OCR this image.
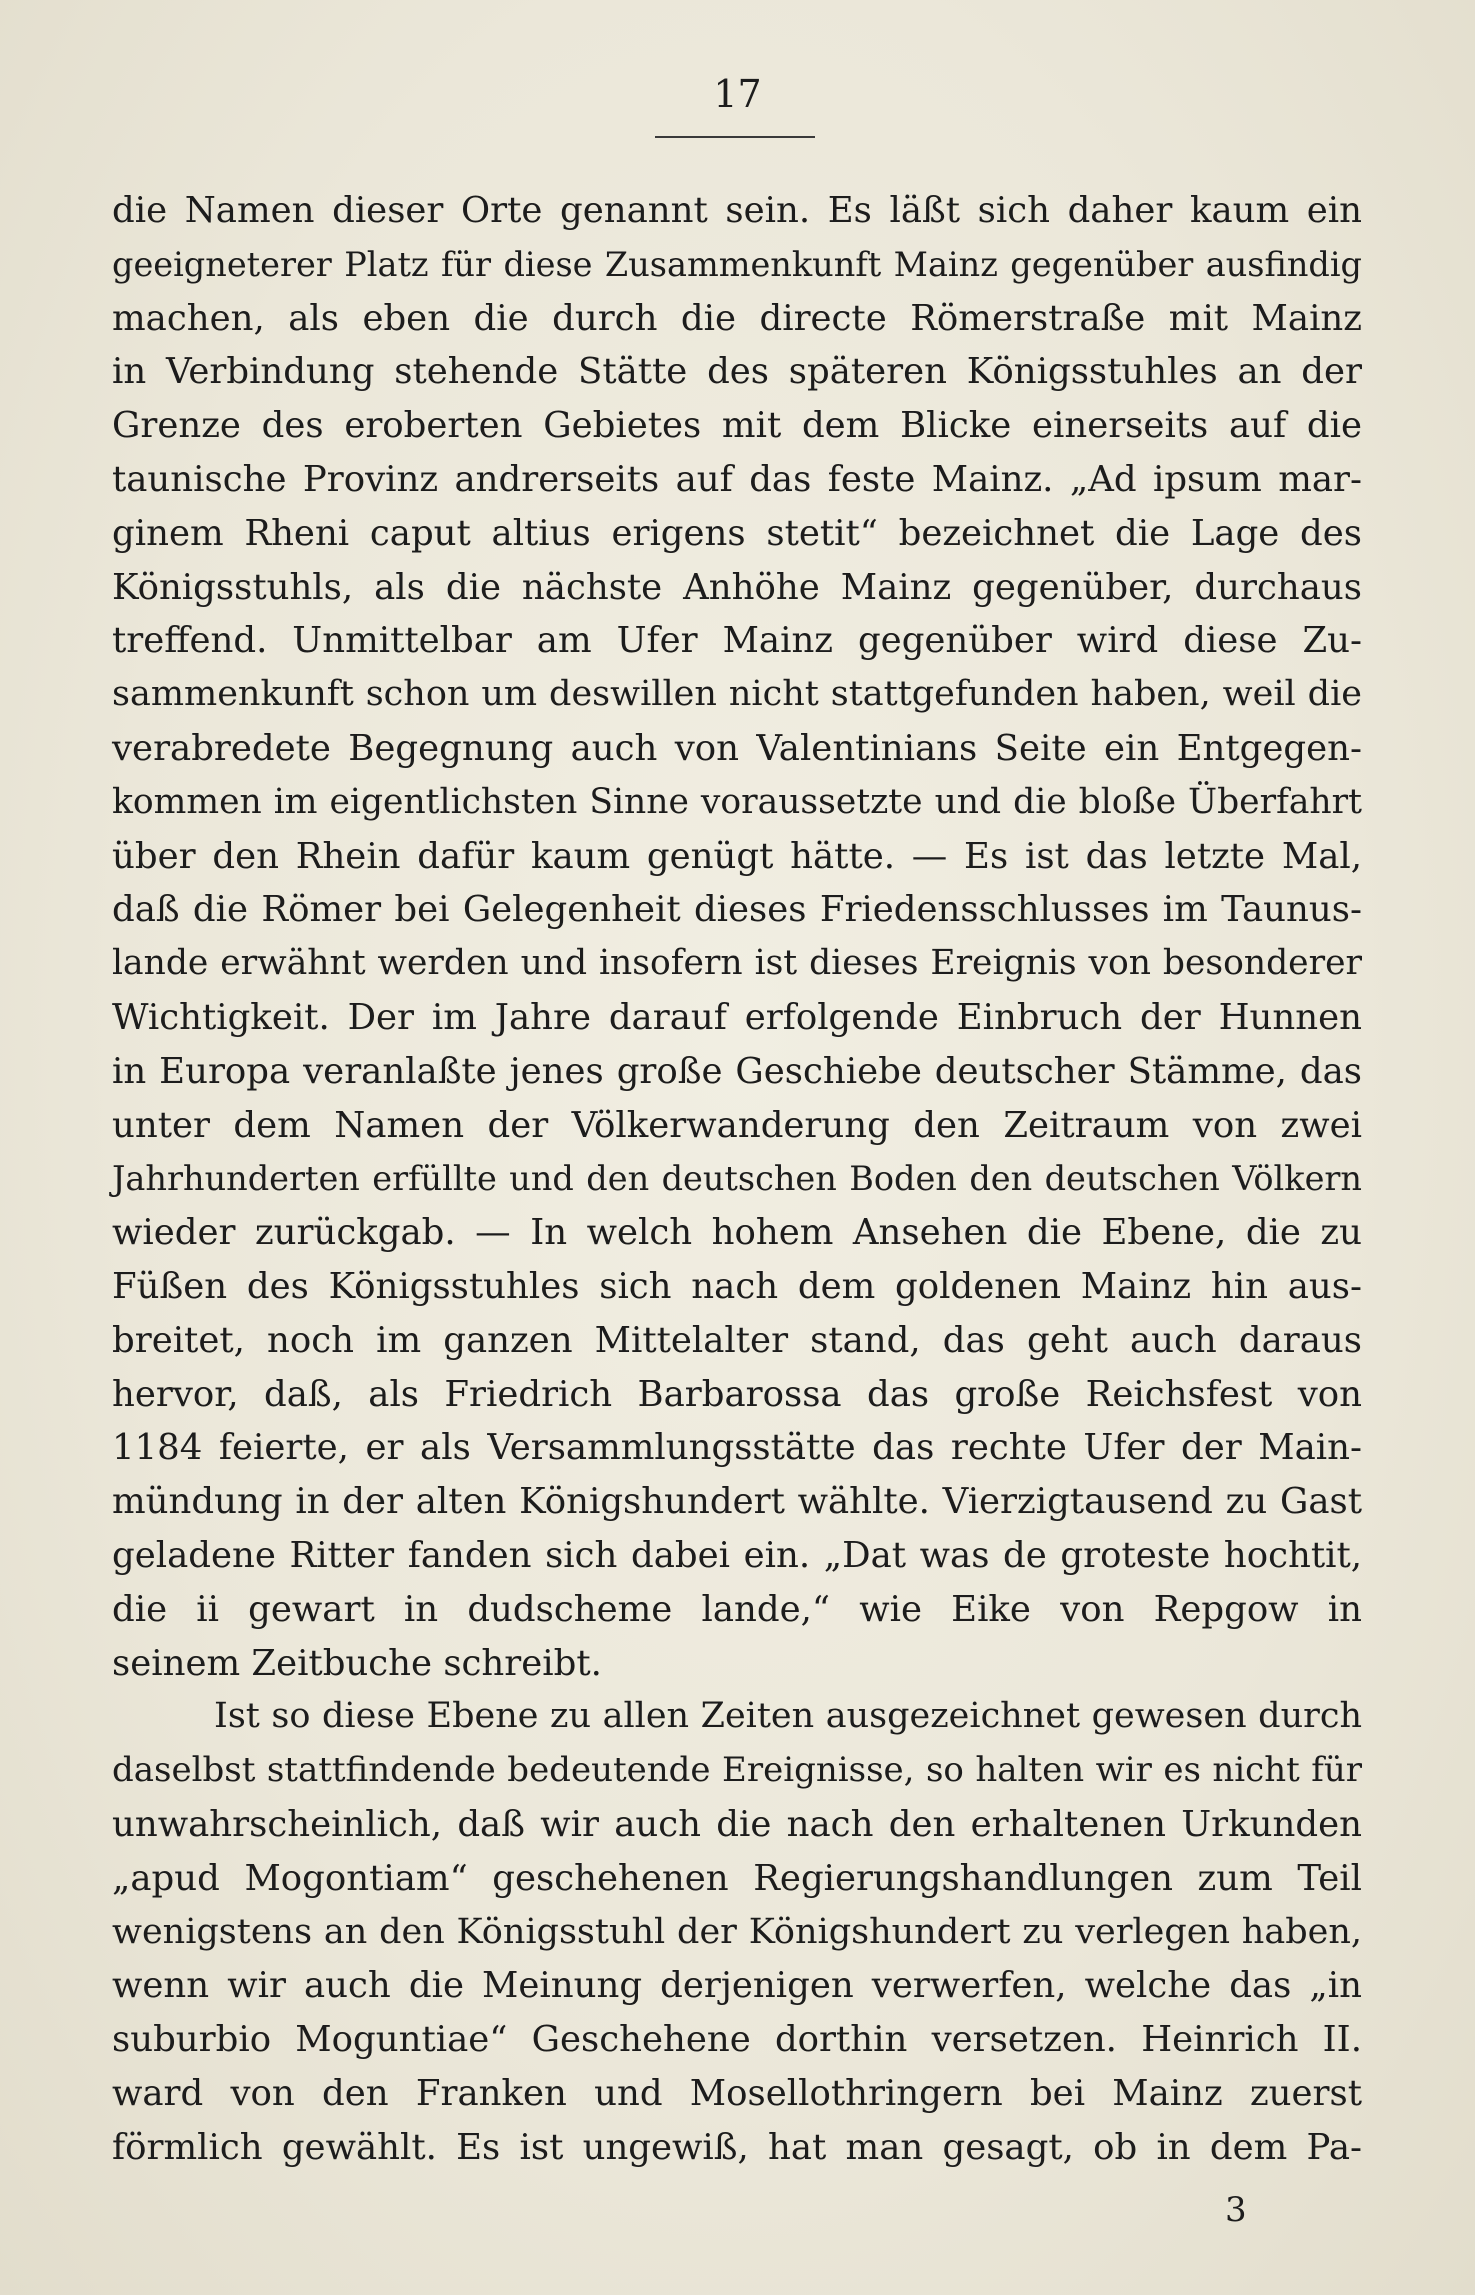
17
die Namen dieser Orte genannt sein. Es läßt sich daher kaum ein
geeigneterer Platz für diese Zusammenkunft Mainz gegenüber ausfindig
machen, als eben die durch die directe Römerstraße mit Mainz
in Verbindung stehende Stätte des späteren Königsstuhles an der
Grenze des eroberten Gebietes mit dem Blicke einerseits auf die
taunische Provinz andrerseits auf das feste Mainz. „Ad ipsum mar-
ginem Rheni caput altius erigens stetit“ bezeichnet die Lage des
Königsstuhls, als die nächste Anhöhe Mainz gegenüber, durchaus
treffend. Unmittelbar am Ufer Mainz gegenüber wird diese Zu-
sammenkunft schon um deswillen nicht stattgefunden haben, weil die
verabredete Begegnung auch von Valentinians Seite ein Entgegen-
kommen im eigentlichsten Sinne voraussetzte und die bloße Überfahrt
über den Rhein dafür kaum genügt hätte. — Es ist das letzte Mal,
daß die Römer bei Gelegenheit dieses Friedensschlusses im Taunus-
lande erwähnt werden und insofern ist dieses Ereignis von besonderer
Wichtigkeit. Der im Jahre darauf erfolgende Einbruch der Hunnen
in Europa veranlaßte jenes große Geschiebe deutscher Stämme, das
unter dem Namen der Völkerwanderung den Zeitraum von zwei
Jahrhunderten erfüllte und den deutschen Boden den deutschen Völkern
wieder zurückgab. — In welch hohem Ansehen die Ebene, die zu
Füßen des Königsstuhles sich nach dem goldenen Mainz hin aus-
breitet, noch im ganzen Mittelalter stand, das geht auch daraus
hervor, daß, als Friedrich Barbarossa das große Reichsfest von
1184 feierte, er als Versammlungsstätte das rechte Ufer der Main-
mündung in der alten Königshundert wählte. Vierzigtausend zu Gast
geladene Ritter fanden sich dabei ein. „Dat was de groteste hochtit,
die ii gewart in dudscheme lande,“ wie Eike von Repgow in
seinem Zeitbuche schreibt.
Ist so diese Ebene zu allen Zeiten ausgezeichnet gewesen durch
daselbst stattfindende bedeutende Ereignisse, so halten wir es nicht für
unwahrscheinlich, daß wir auch die nach den erhaltenen Urkunden
„apud Mogontiam“ geschehenen Regierungshandlungen zum Teil
wenigstens an den Königsstuhl der Königshundert zu verlegen haben,
wenn wir auch die Meinung derjenigen verwerfen, welche das „in
suburbio Moguntiae“ Geschehene dorthin versetzen. Heinrich II.
ward von den Franken und Mosellothringern bei Mainz zuerst
förmlich gewählt. Es ist ungewiß, hat man gesagt, ob in dem Pa-
3
